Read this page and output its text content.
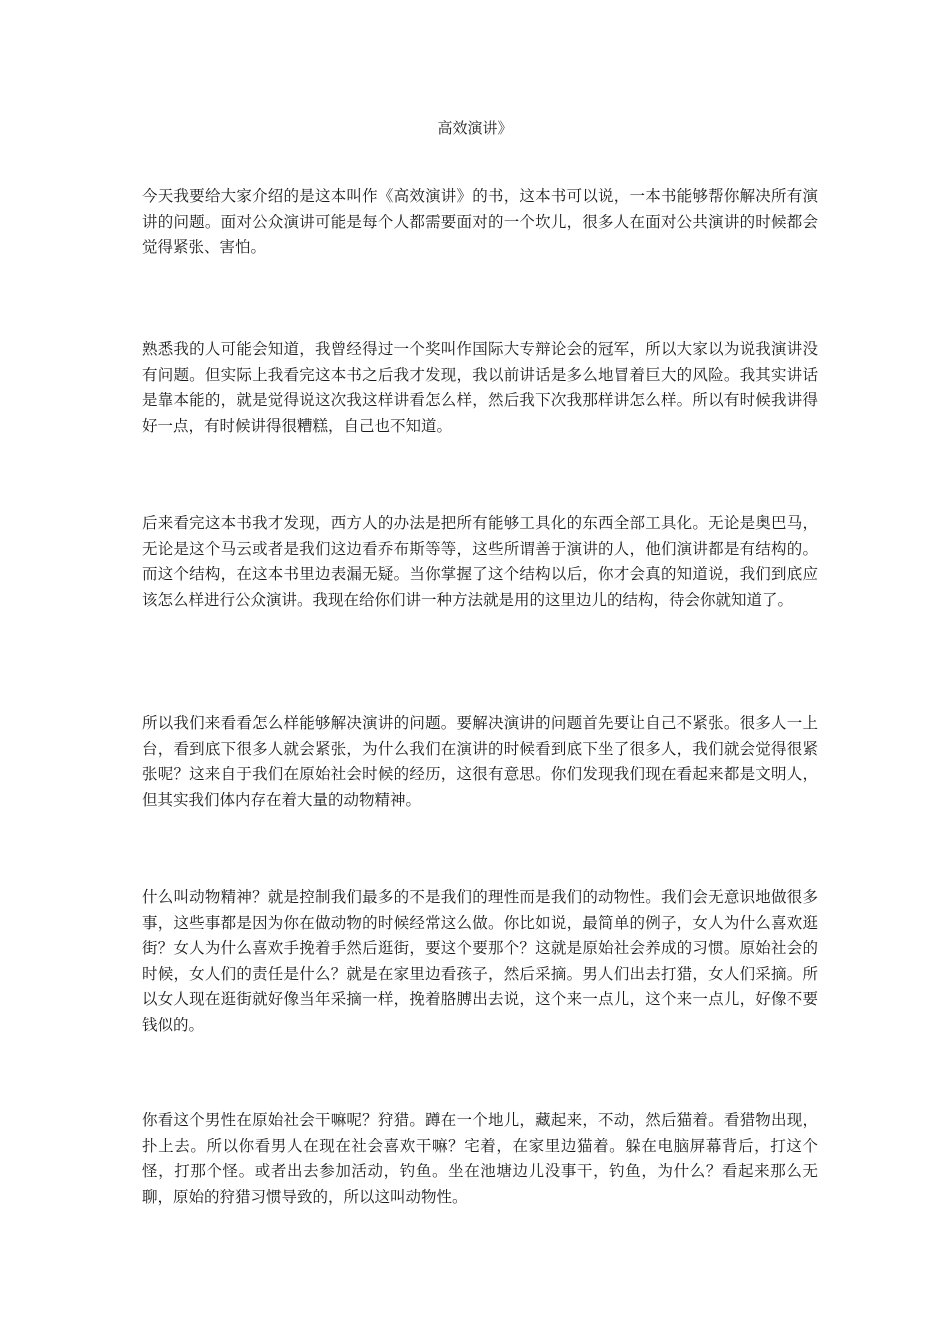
高效演讲》

今天我要给大家介绍的是这本叫作《高效演讲》的书，这本书可以说，一本书能够帮你解决所有演讲的问题。面对公众演讲可能是每个人都需要面对的一个坎儿，很多人在面对公共演讲的时候都会觉得紧张、害怕。

熟悉我的人可能会知道，我曾经得过一个奖叫作国际大专辩论会的冠军，所以大家以为说我演讲没有问题。但实际上我看完这本书之后我才发现，我以前讲话是多么地冒着巨大的风险。我其实讲话是靠本能的，就是觉得说这次我这样讲看怎么样，然后我下次我那样讲怎么样。所以有时候我讲得好一点，有时候讲得很糟糕，自己也不知道。

后来看完这本书我才发现，西方人的办法是把所有能够工具化的东西全部工具化。无论是奥巴马，无论是这个马云或者是我们这边看乔布斯等等，这些所谓善于演讲的人，他们演讲都是有结构的。而这个结构，在这本书里边表漏无疑。当你掌握了这个结构以后，你才会真的知道说，我们到底应该怎么样进行公众演讲。我现在给你们讲一种方法就是用的这里边儿的结构，待会你就知道了。

所以我们来看看怎么样能够解决演讲的问题。要解决演讲的问题首先要让自己不紧张。很多人一上台，看到底下很多人就会紧张，为什么我们在演讲的时候看到底下坐了很多人，我们就会觉得很紧张呢？这来自于我们在原始社会时候的经历，这很有意思。你们发现我们现在看起来都是文明人，但其实我们体内存在着大量的动物精神。

什么叫动物精神？就是控制我们最多的不是我们的理性而是我们的动物性。我们会无意识地做很多事，这些事都是因为你在做动物的时候经常这么做。你比如说，最简单的例子，女人为什么喜欢逛街？女人为什么喜欢手挽着手然后逛街，要这个要那个？这就是原始社会养成的习惯。原始社会的时候，女人们的责任是什么？就是在家里边看孩子，然后采摘。男人们出去打猎，女人们采摘。所以女人现在逛街就好像当年采摘一样，挽着胳膊出去说，这个来一点儿，这个来一点儿，好像不要钱似的。

你看这个男性在原始社会干嘛呢？狩猎。蹲在一个地儿，藏起来，不动，然后猫着。看猎物出现，扑上去。所以你看男人在现在社会喜欢干嘛？宅着，在家里边猫着。躲在电脑屏幕背后，打这个怪，打那个怪。或者出去参加活动，钓鱼。坐在池塘边儿没事干，钓鱼，为什么？看起来那么无聊，原始的狩猎习惯导致的，所以这叫动物性。
